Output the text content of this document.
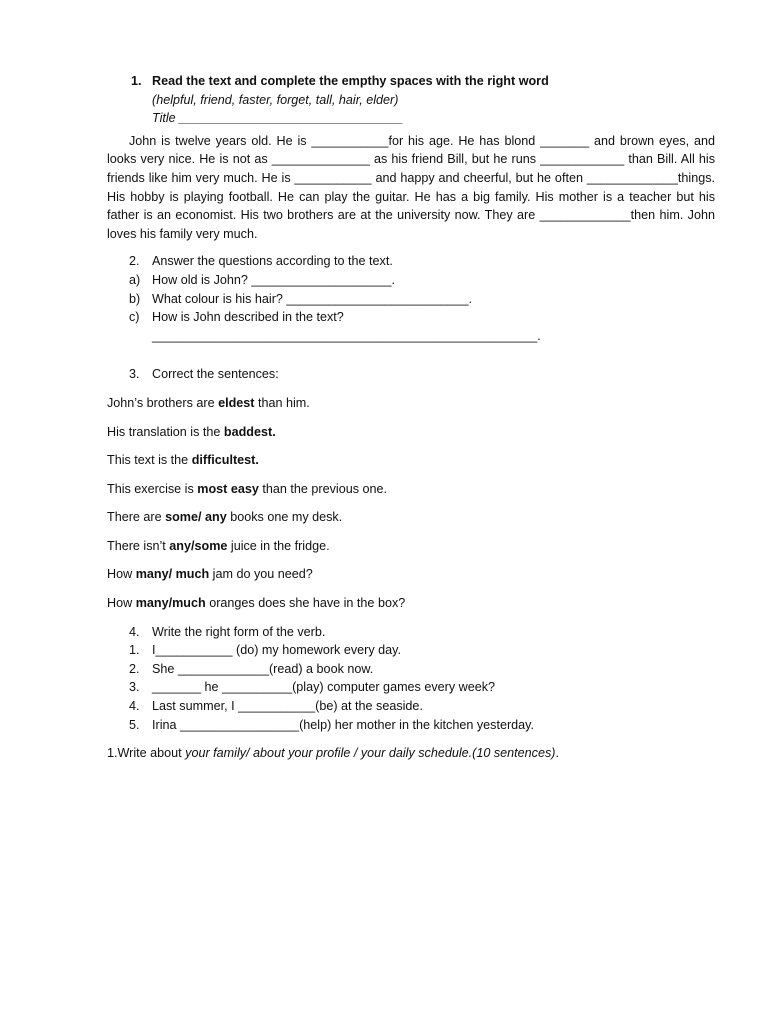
1. Read the text and complete the empthy spaces with the right word
(helpful, friend, faster, forget, tall, hair, elder)
Title ________________________________
John is twelve years old. He is ___________for his age. He has blond _______ and brown eyes, and looks very nice. He is not as ______________ as his friend Bill, but he runs ____________ than Bill. All his friends like him very much. He is ___________ and happy and cheerful, but he often _____________things. His hobby is playing football. He can play the guitar. He has a big family. His mother is a teacher but his father is an economist. His two brothers are at the university now. They are _____________then him. John loves his family very much.
2. Answer the questions according to the text.
a) How old is John? ____________________.
b) What colour is his hair? __________________________.
c) How is John described in the text? _______________________________________________________.
3. Correct the sentences:
John’s brothers are eldest than him.
His translation is the baddest.
This text is the difficultest.
This exercise is most easy than the previous one.
There are some/ any books one my desk.
There isn’t any/some juice in the fridge.
How many/ much jam do you need?
How many/much oranges does she have in the box?
4. Write the right form of the verb.
1. I___________ (do) my homework every day.
2. She _____________(read) a book now.
3. _______ he __________(play) computer games every week?
4. Last summer, I ___________(be) at the seaside.
5. Irina _________________(help) her mother in the kitchen yesterday.
1.Write about your family/ about your profile / your daily schedule.(10 sentences).
